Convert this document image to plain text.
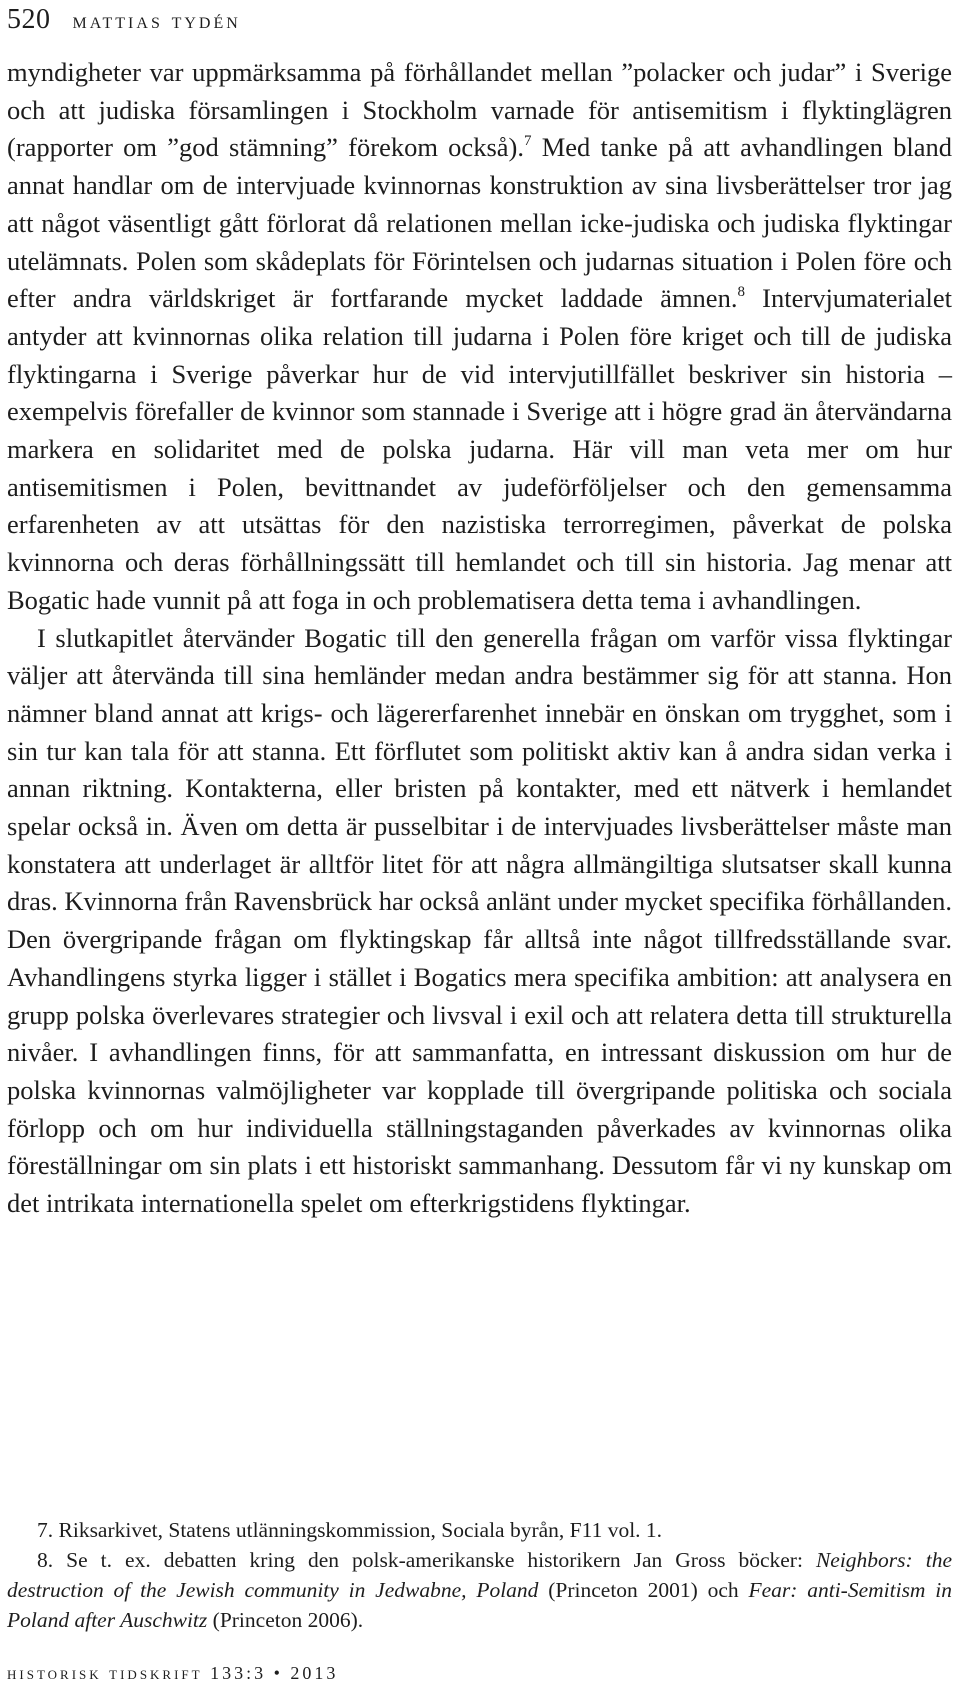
520 mattias tydén

myndigheter var uppmärksamma på förhållandet mellan ”polacker och judar” i Sverige och att judiska församlingen i Stockholm varnade för antisemitism i flyktinglägren (rapporter om ”god stämning” förekom också).$^7$ Med tanke på att avhandlingen bland annat handlar om de intervjuade kvinnornas konstruktion av sina livsberättelser tror jag att något väsentligt gått förlorat då relationen mellan icke-judiska och judiska flyktingar utelämnats. Polen som skådeplats för Förintelsen och judarnas situation i Polen före och efter andra världskriget är fortfarande mycket laddade ämnen.$^8$ Intervjumaterialet antyder att kvinnornas olika relation till judarna i Polen före kriget och till de judiska flyktingarna i Sverige påverkar hur de vid intervjutillfället beskriver sin historia – exempelvis förefaller de kvinnor som stannade i Sverige att i högre grad än återvändarna markera en solidaritet med de polska judarna. Här vill man veta mer om hur antisemitismen i Polen, bevittnandet av judeförföljelser och den gemensamma erfarenheten av att utsättas för den nazistiska terrorregimen, påverkat de polska kvinnorna och deras förhållningssätt till hemlandet och till sin historia. Jag menar att Bogatic hade vunnit på att foga in och problematisera detta tema i avhandlingen.

I slutkapitlet återvänder Bogatic till den generella frågan om varför vissa flyktingar väljer att återvända till sina hemländer medan andra bestämmer sig för att stanna. Hon nämner bland annat att krigs- och lägererfarenhet innebär en önskan om trygghet, som i sin tur kan tala för att stanna. Ett förflutet som politiskt aktiv kan å andra sidan verka i annan riktning. Kontakterna, eller bristen på kontakter, med ett nätverk i hemlandet spelar också in. Även om detta är pusselbitar i de intervjuades livsberättelser måste man konstatera att underlaget är alltför litet för att några allmängiltiga slutsatser skall kunna dras. Kvinnorna från Ravensbrück har också anlänt under mycket specifika förhållanden. Den övergripande frågan om flyktingskap får alltså inte något tillfredsställande svar. Avhandlingens styrka ligger i stället i Bogatics mera specifika ambition: att analysera en grupp polska överlevares strategier och livsval i exil och att relatera detta till strukturella nivåer. I avhandlingen finns, för att sammanfatta, en intressant diskussion om hur de polska kvinnornas valmöjligheter var kopplade till övergripande politiska och sociala förlopp och om hur individuella ställningstaganden påverkades av kvinnornas olika föreställningar om sin plats i ett historiskt sammanhang. Dessutom får vi ny kunskap om det intrikata internationella spelet om efterkrigstidens flyktingar.

7. Riksarkivet, Statens utlänningskommission, Sociala byrån, F11 vol. 1.

8. Se t. ex. debatten kring den polsk-amerikanske historikern Jan Gross böcker: Neighbors: the destruction of the Jewish community in Jedwabne, Poland (Princeton 2001) och Fear: anti-Semitism in Poland after Auschwitz (Princeton 2006).

historisk tidskrift 133:3 • 2013
